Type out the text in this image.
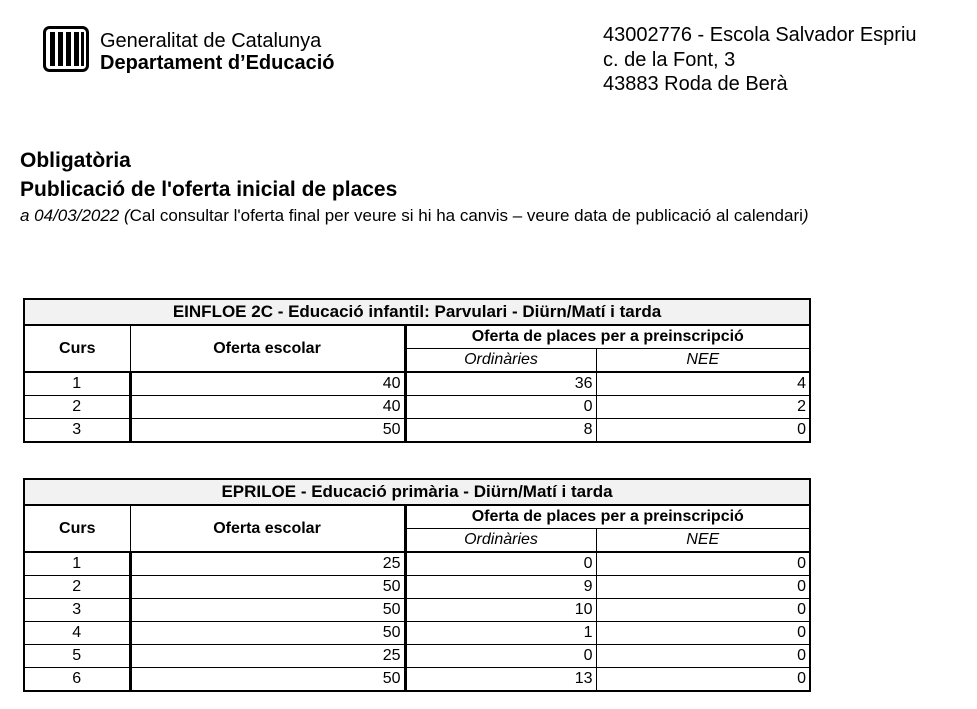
Generalitat de Catalunya
Departament d’Educació
43002776 - Escola Salvador Espriu
c. de la Font, 3
43883 Roda de Berà
Obligatòria
Publicació de l'oferta inicial de places
a 04/03/2022 (Cal consultar l'oferta final per veure si hi ha canvis – veure data de publicació al calendari)
EINFLOE 2C - Educació infantil: Parvulari - Diürn/Matí i tarda			
Curs	Oferta escolar	Oferta de places per a preinscripció	
		Ordinàries	NEE
1	40	36	4
2	40	0	2
3	50	8	0
EPRILOE - Educació primària - Diürn/Matí i tarda			
Curs	Oferta escolar	Oferta de places per a preinscripció	
		Ordinàries	NEE
1	25	0	0
2	50	9	0
3	50	10	0
4	50	1	0
5	25	0	0
6	50	13	0
